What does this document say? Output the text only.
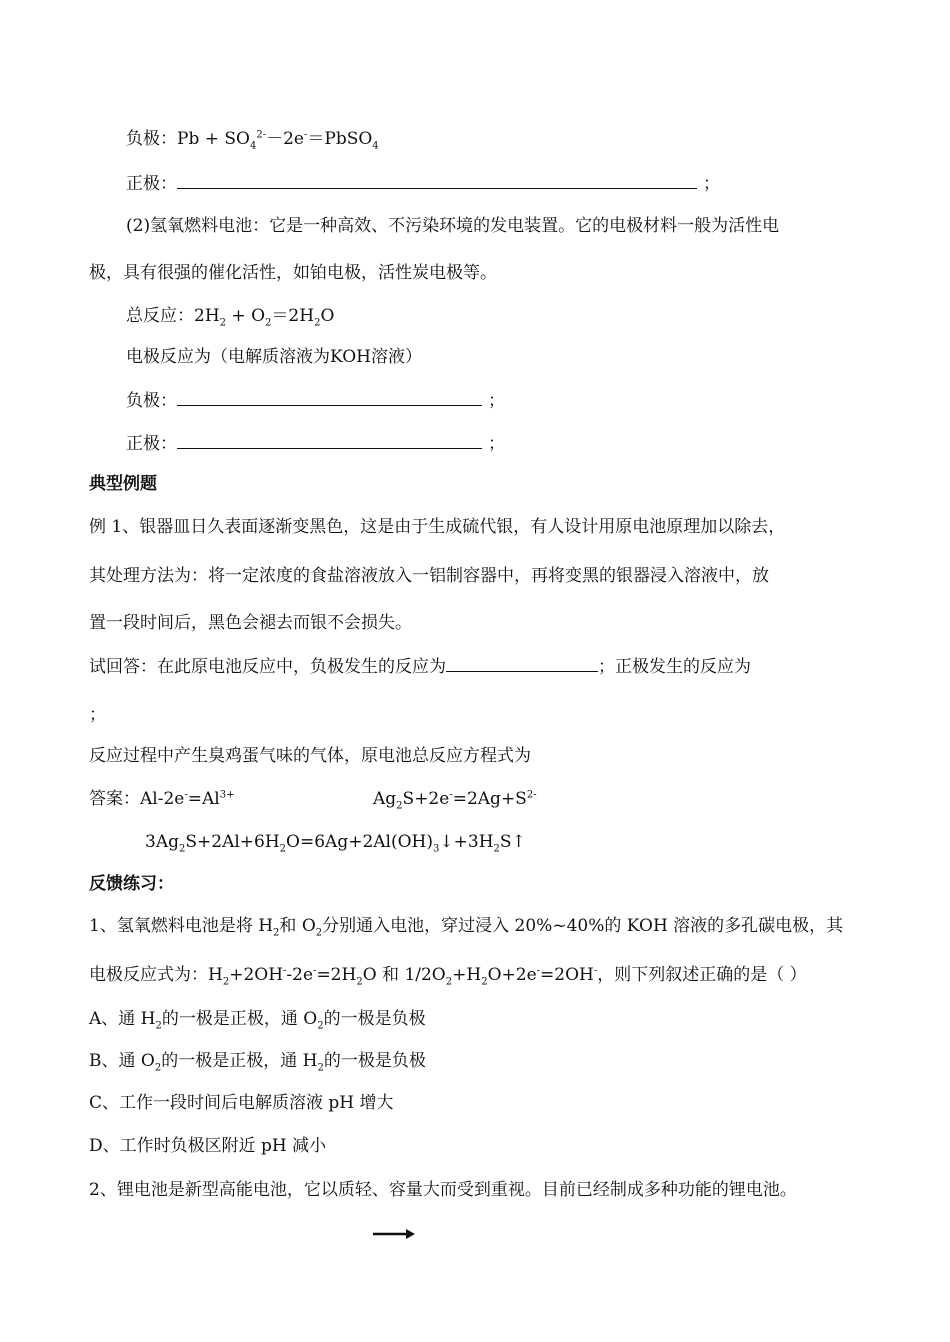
负极：$Pb + SO_4^{2-}-2e^-=PbSO_4$
正极：	；
(2)氢氧燃料电池：它是一种高效、不污染环境的发电装置。它的电极材料一般为活性电
极，具有很强的催化活性，如铂电极，活性炭电极等。
总反应：$2H_2 + O_2=2H_2O$
电极反应为（电解质溶液为KOH溶液）
负极：	；
正极：	；
典型例题
例 1、银器皿日久表面逐渐变黑色，这是由于生成硫代银，有人设计用原电池原理加以除去，
其处理方法为：将一定浓度的食盐溶液放入一铝制容器中，再将变黑的银器浸入溶液中，放
置一段时间后，黑色会褪去而银不会损失。
试回答：在此原电池反应中，负极发生的反应为	；正极发生的反应为
；
反应过程中产生臭鸡蛋气味的气体，原电池总反应方程式为
答案：$Al-2e^-=Al^{3+}$	$Ag_2S+2e^-=2Ag+S^{2-}$
$3Ag_2S+2Al+6H_2O=6Ag+2Al(OH)_3↓+3H_2S↑$
反馈练习：
1、氢氧燃料电池是将 $H_2$和 $O_2$分别通入电池，穿过浸入 20%~40%的 KOH 溶液的多孔碳电极，其
电极反应式为：$H_2+2OH^--2e^-=2H_2O$ 和 $1/2O_2+H_2O+2e^-=2OH^-$，则下列叙述正确的是（ ）
A、通 $H_2$的一极是正极，通 $O_2$的一极是负极
B、通 $O_2$的一极是正极，通 $H_2$的一极是负极
C、工作一段时间后电解质溶液 pH 增大
D、工作时负极区附近 pH 减小
2、锂电池是新型高能电池，它以质轻、容量大而受到重视。目前已经制成多种功能的锂电池。
